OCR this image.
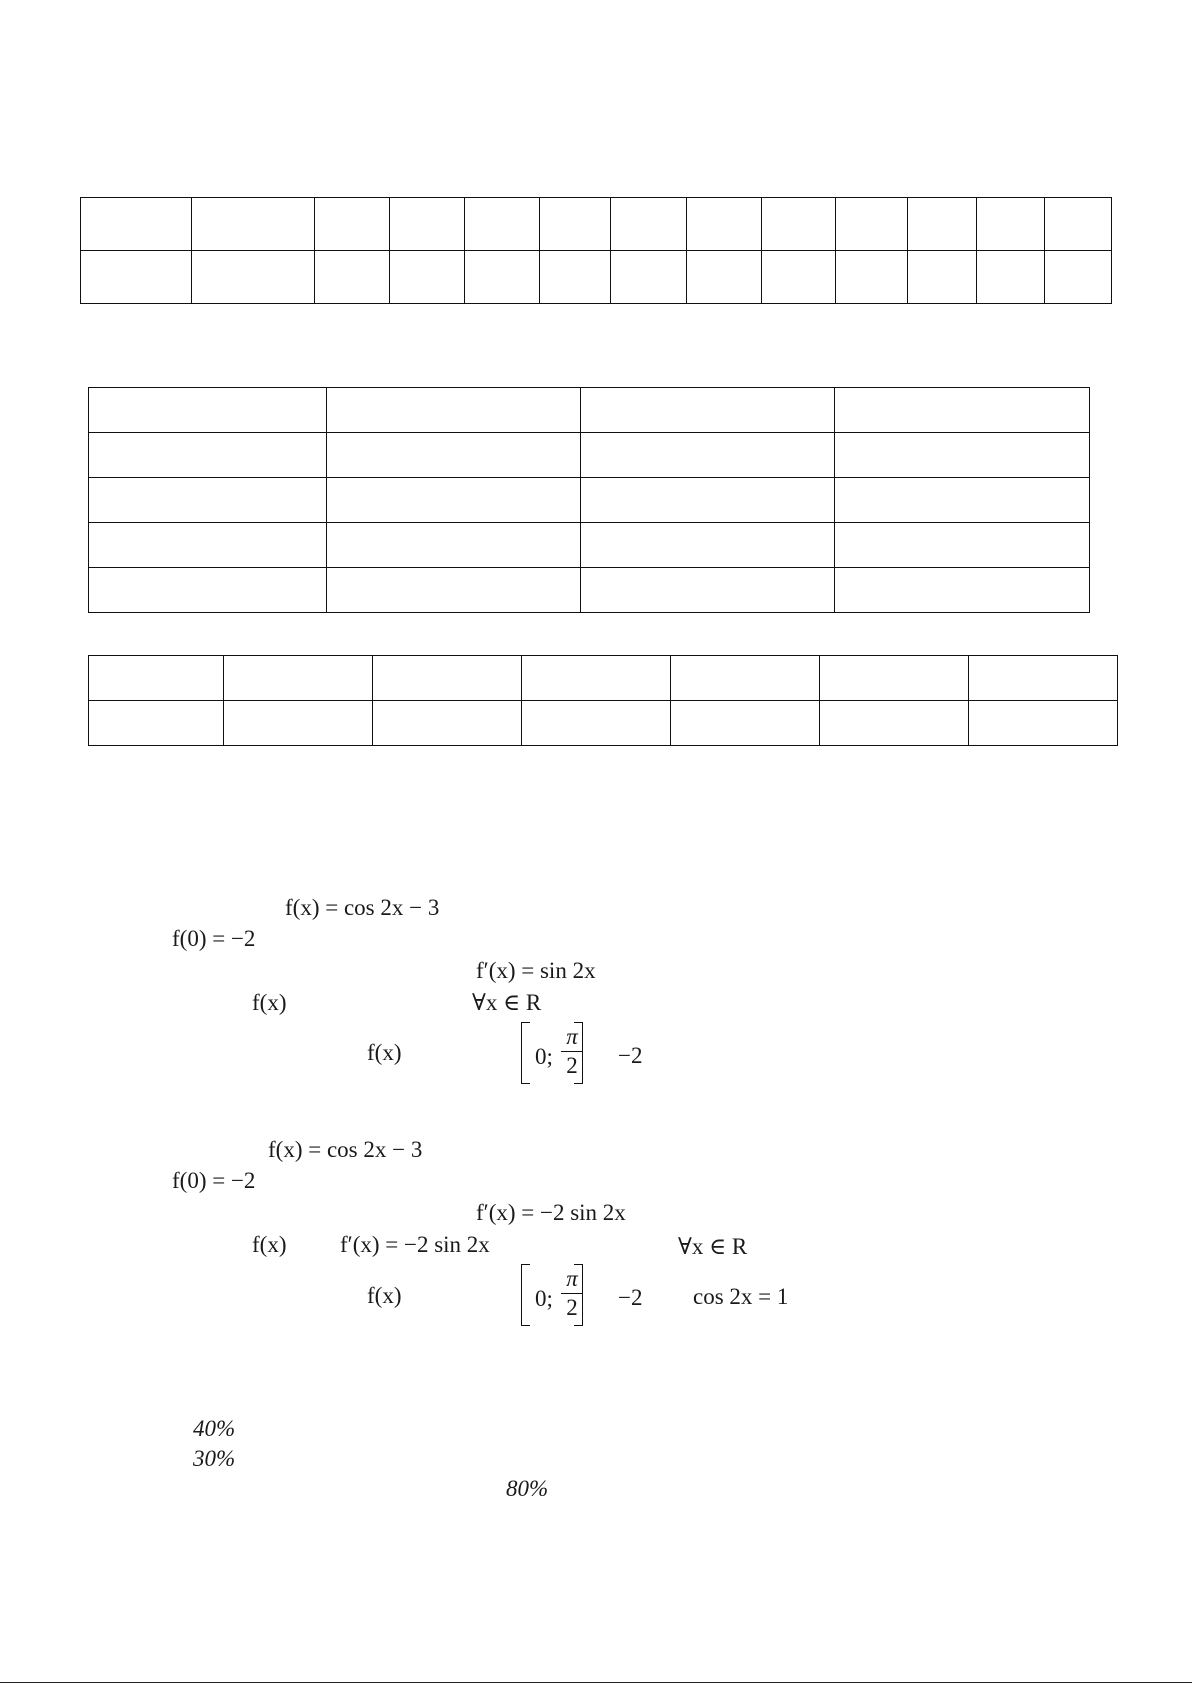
f(x) = cos 2x − 3
f(0) = −2
f′(x) = sin 2x
f(x)	∀x ∈ R
f(x)	0;
π
2 −2
f(x) = cos 2x − 3
f(0) = −2
f′(x) = −2 sin 2x
f(x) f′(x) = −2 sin 2x	∀x ∈ R
f(x)	0;
π
2 −2 cos 2x = 1
40%
30%
80%
